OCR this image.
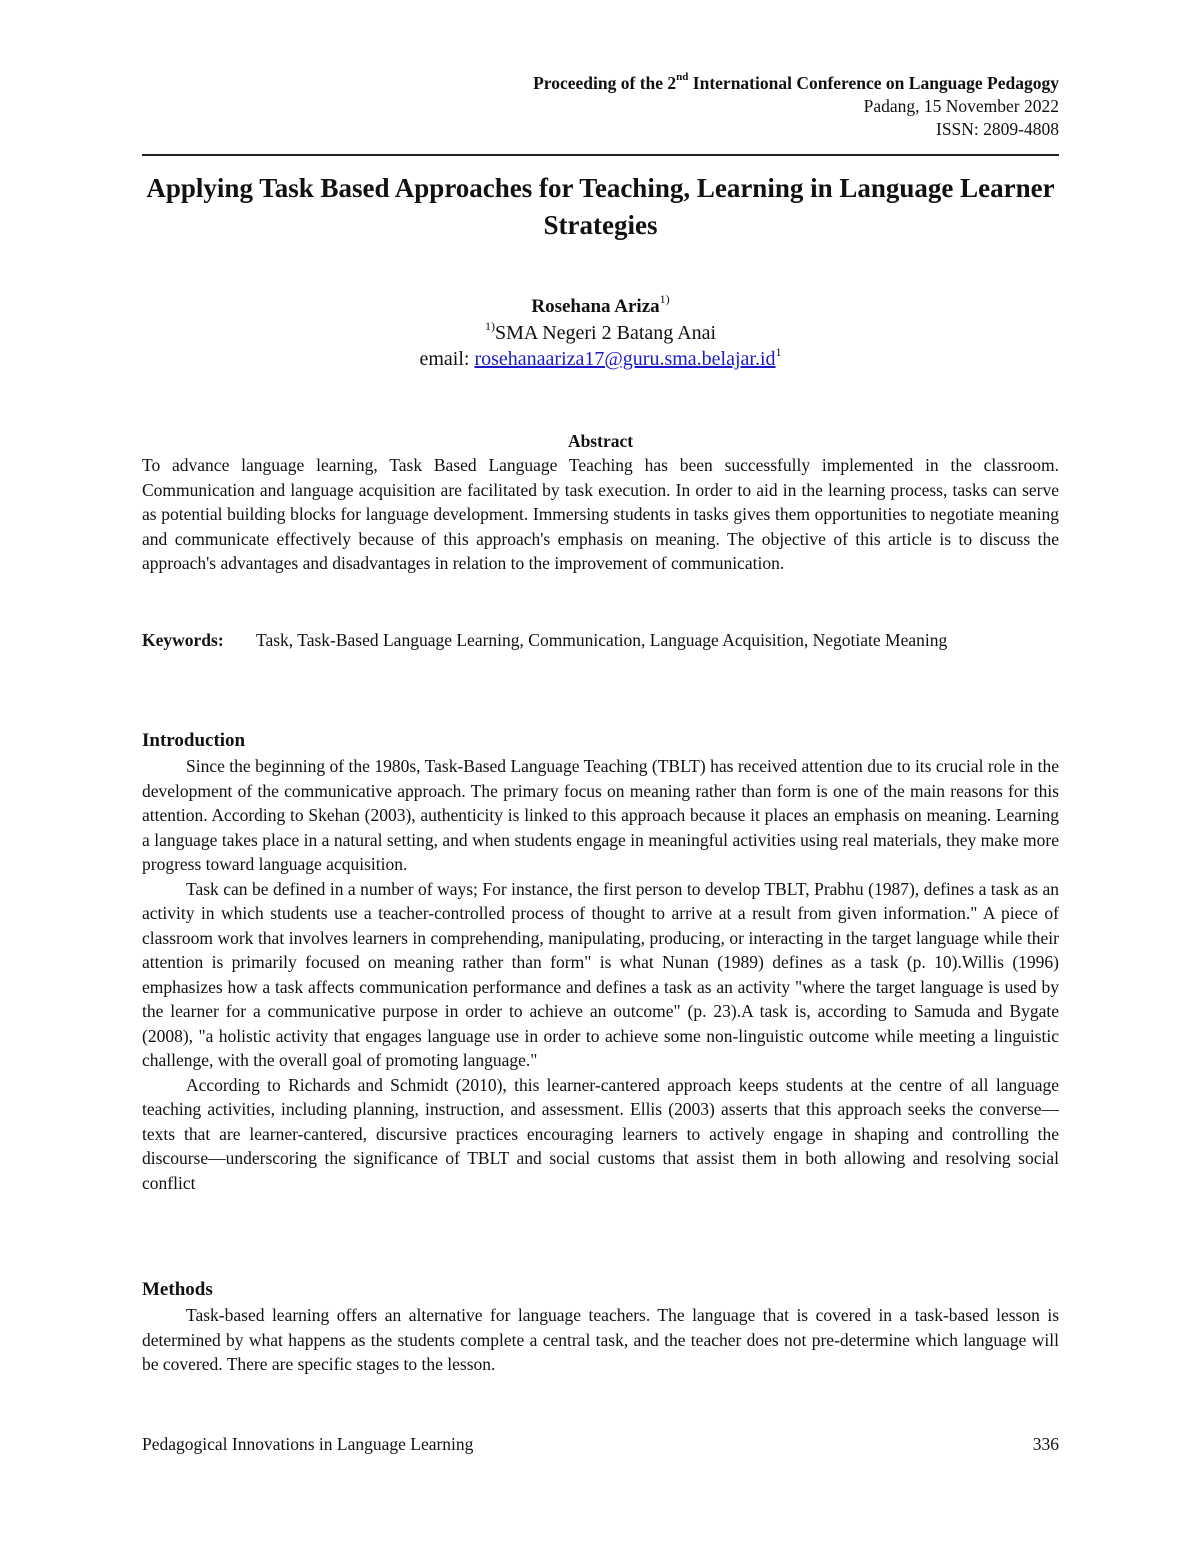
Proceeding of the 2nd International Conference on Language Pedagogy
Padang, 15 November 2022
ISSN: 2809-4808
Applying Task Based Approaches for Teaching, Learning in Language Learner Strategies
Rosehana Ariza$^{1)}$
$^{1)}$SMA Negeri 2 Batang Anai
email: $rosehanaariza17@guru.sma.belajar.id^1$
Abstract
To advance language learning, Task Based Language Teaching has been successfully implemented in the classroom. Communication and language acquisition are facilitated by task execution. In order to aid in the learning process, tasks can serve as potential building blocks for language development. Immersing students in tasks gives them opportunities to negotiate meaning and communicate effectively because of this approach's emphasis on meaning. The objective of this article is to discuss the approach's advantages and disadvantages in relation to the improvement of communication.
Keywords: Task, Task-Based Language Learning, Communication, Language Acquisition, Negotiate Meaning
Introduction

Since the beginning of the 1980s, Task-Based Language Teaching (TBLT) has received attention due to its crucial role in the development of the communicative approach. The primary focus on meaning rather than form is one of the main reasons for this attention. According to Skehan (2003), authenticity is linked to this approach because it places an emphasis on meaning. Learning a language takes place in a natural setting, and when students engage in meaningful activities using real materials, they make more progress toward language acquisition.

Task can be defined in a number of ways; For instance, the first person to develop TBLT, Prabhu (1987), defines a task as an activity in which students use a teacher-controlled process of thought to arrive at a result from given information." A piece of classroom work that involves learners in comprehending, manipulating, producing, or interacting in the target language while their attention is primarily focused on meaning rather than form" is what Nunan (1989) defines as a task (p. 10).Willis (1996) emphasizes how a task affects communication performance and defines a task as an activity "where the target language is used by the learner for a communicative purpose in order to achieve an outcome" (p. 23).A task is, according to Samuda and Bygate (2008), "a holistic activity that engages language use in order to achieve some non-linguistic outcome while meeting a linguistic challenge, with the overall goal of promoting language."

According to Richards and Schmidt (2010), this learner-cantered approach keeps students at the centre of all language teaching activities, including planning, instruction, and assessment. Ellis (2003) asserts that this approach seeks the converse—texts that are learner-cantered, discursive practices encouraging learners to actively engage in shaping and controlling the discourse—underscoring the significance of TBLT and social customs that assist them in both allowing and resolving social conflict

Methods

Task-based learning offers an alternative for language teachers. The language that is covered in a task-based lesson is determined by what happens as the students complete a central task, and the teacher does not pre-determine which language will be covered. There are specific stages to the lesson.

Pedagogical Innovations in Language Learning	336
